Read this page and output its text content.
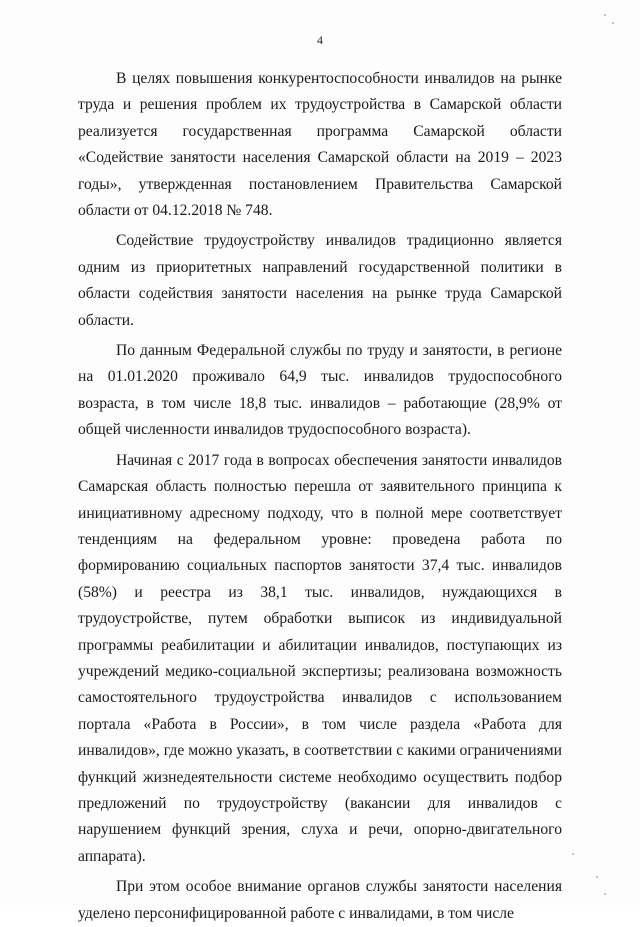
4

В целях повышения конкурентоспособности инвалидов на рынке труда и решения проблем их трудоустройства в Самарской области реализуется государственная программа Самарской области «Содействие занятости населения Самарской области на 2019 – 2023 годы», утвержденная постановлением Правительства Самарской области от 04.12.2018 № 748.

Содействие трудоустройству инвалидов традиционно является одним из приоритетных направлений государственной политики в области содействия занятости населения на рынке труда Самарской области.

По данным Федеральной службы по труду и занятости, в регионе на 01.01.2020 проживало 64,9 тыс. инвалидов трудоспособного возраста, в том числе 18,8 тыс. инвалидов – работающие (28,9% от общей численности инвалидов трудоспособного возраста).

Начиная с 2017 года в вопросах обеспечения занятости инвалидов Самарская область полностью перешла от заявительного принципа к инициативному адресному подходу, что в полной мере соответствует тенденциям на федеральном уровне: проведена работа по формированию социальных паспортов занятости 37,4 тыс. инвалидов (58%) и реестра из 38,1 тыс. инвалидов, нуждающихся в трудоустройстве, путем обработки выписок из индивидуальной программы реабилитации и абилитации инвалидов, поступающих из учреждений медико-социальной экспертизы; реализована возможность самостоятельного трудоустройства инвалидов с использованием портала «Работа в России», в том числе раздела «Работа для инвалидов», где можно указать, в соответствии с какими ограничениями функций жизнедеятельности системе необходимо осуществить подбор предложений по трудоустройству (вакансии для инвалидов с нарушением функций зрения, слуха и речи, опорно-двигательного аппарата).

При этом особое внимание органов службы занятости населения уделено персонифицированной работе с инвалидами, в том числе
